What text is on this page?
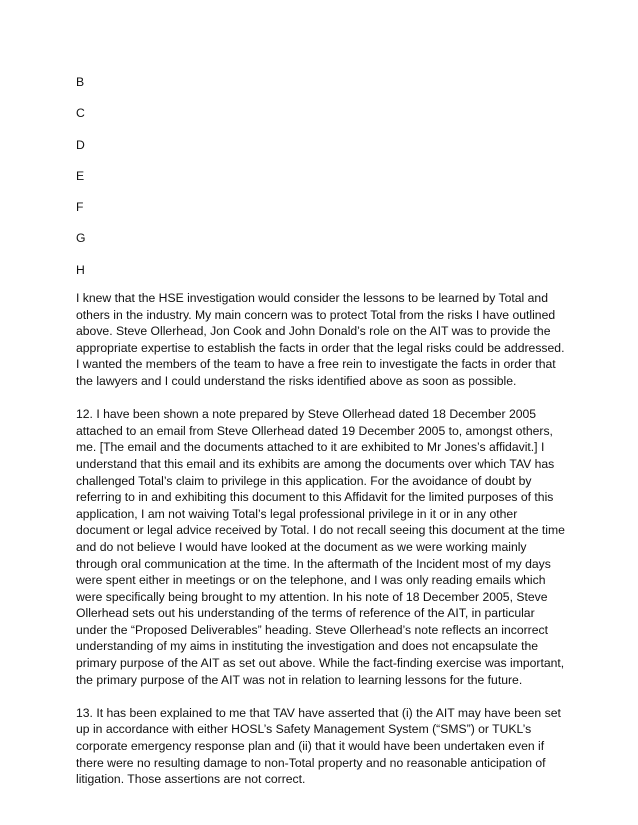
B
C
D
E
F
G
H

I knew that the HSE investigation would consider the lessons to be learned by Total and others in the industry. My main concern was to protect Total from the risks I have outlined above. Steve Ollerhead, Jon Cook and John Donald’s role on the AIT was to provide the appropriate expertise to establish the facts in order that the legal risks could be addressed. I wanted the members of the team to have a free rein to investigate the facts in order that the lawyers and I could understand the risks identified above as soon as possible.

12. I have been shown a note prepared by Steve Ollerhead dated 18 December 2005 attached to an email from Steve Ollerhead dated 19 December 2005 to, amongst others, me. [The email and the documents attached to it are exhibited to Mr Jones’s affidavit.] I understand that this email and its exhibits are among the documents over which TAV has challenged Total’s claim to privilege in this application. For the avoidance of doubt by referring to in and exhibiting this document to this Affidavit for the limited purposes of this application, I am not waiving Total’s legal professional privilege in it or in any other document or legal advice received by Total. I do not recall seeing this document at the time and do not believe I would have looked at the document as we were working mainly through oral communication at the time. In the aftermath of the Incident most of my days were spent either in meetings or on the telephone, and I was only reading emails which were specifically being brought to my attention. In his note of 18 December 2005, Steve Ollerhead sets out his understanding of the terms of reference of the AIT, in particular under the “Proposed Deliverables” heading. Steve Ollerhead’s note reflects an incorrect understanding of my aims in instituting the investigation and does not encapsulate the primary purpose of the AIT as set out above. While the fact-finding exercise was important, the primary purpose of the AIT was not in relation to learning lessons for the future.

13. It has been explained to me that TAV have asserted that (i) the AIT may have been set up in accordance with either HOSL’s Safety Management System (“SMS”) or TUKL’s corporate emergency response plan and (ii) that it would have been undertaken even if there were no resulting damage to non-Total property and no reasonable anticipation of litigation. Those assertions are not correct.
